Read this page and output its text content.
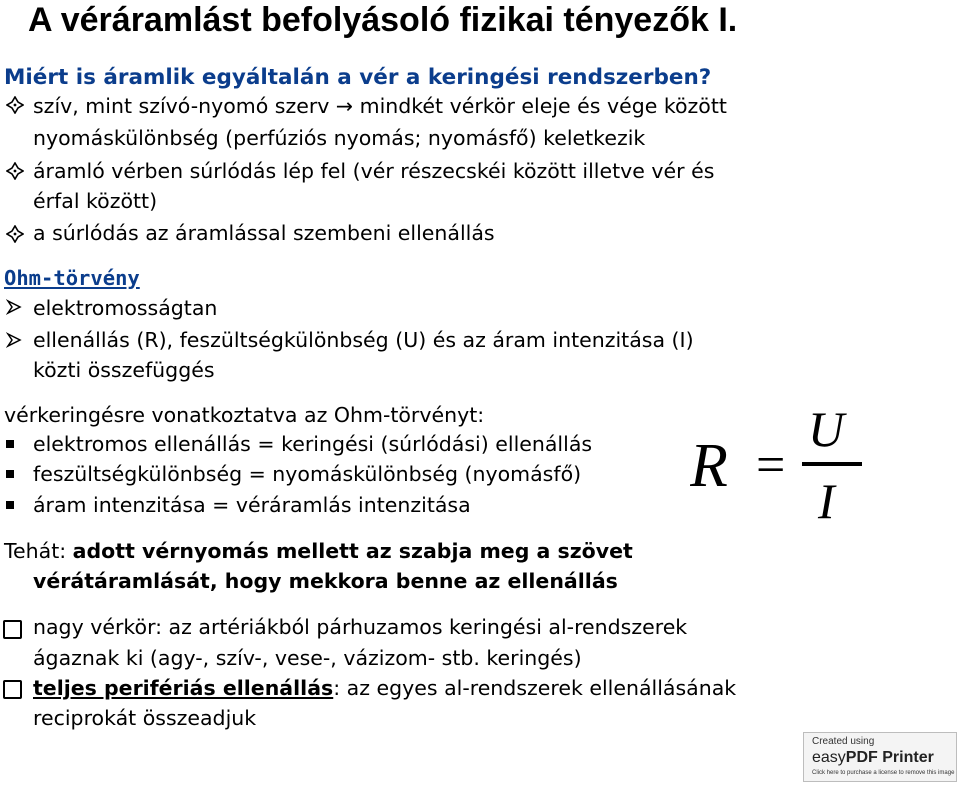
A véráramlást befolyásoló fizikai tényezők I.
Miért is áramlik egyáltalán a vér a keringési rendszerben?
szív, mint szívó-nyomó szerv → mindkét vérkör eleje és vége között
nyomáskülönbség (perfúziós nyomás; nyomásfő) keletkezik
áramló vérben súrlódás lép fel (vér részecskéi között illetve vér és
érfal között)
a súrlódás az áramlással szembeni ellenállás
Ohm-törvény
elektromosságtan
ellenállás (R), feszültségkülönbség (U) és az áram intenzitása (I)
közti összefüggés
vérkeringésre vonatkoztatva az Ohm-törvényt:
elektromos ellenállás = keringési (súrlódási) ellenállás
feszültségkülönbség = nyomáskülönbség (nyomásfő)
áram intenzitása = véráramlás intenzitása
R =
U
I
Tehát: adott vérnyomás mellett az szabja meg a szövet
vérátáramlását, hogy mekkora benne az ellenállás
nagy vérkör: az artériákból párhuzamos keringési al-rendszerek
ágaznak ki (agy-, szív-, vese-, vázizom- stb. keringés)
teljes perifériás ellenállás: az egyes al-rendszerek ellenállásának
reciprokát összeadjuk
Created using
easyPDF Printer
Click here to purchase a license to remove this image
